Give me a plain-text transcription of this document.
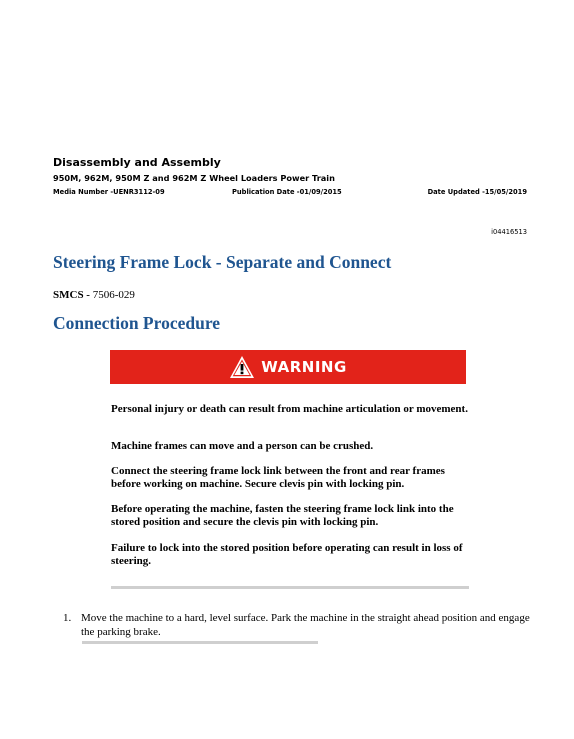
Disassembly and Assembly
950M, 962M, 950M Z and 962M Z Wheel Loaders Power Train
Media Number -UENR3112-09	Publication Date -01/09/2015	Date Updated -15/05/2019
i04416513
Steering Frame Lock - Separate and Connect
SMCS - 7506-029
Connection Procedure
WARNING
Personal injury or death can result from machine articulation or movement.
Machine frames can move and a person can be crushed.
Connect the steering frame lock link between the front and rear frames before working on machine. Secure clevis pin with locking pin.
Before operating the machine, fasten the steering frame lock link into the stored position and secure the clevis pin with locking pin.
Failure to lock into the stored position before operating can result in loss of steering.
1. Move the machine to a hard, level surface. Park the machine in the straight ahead position and engage the parking brake.
